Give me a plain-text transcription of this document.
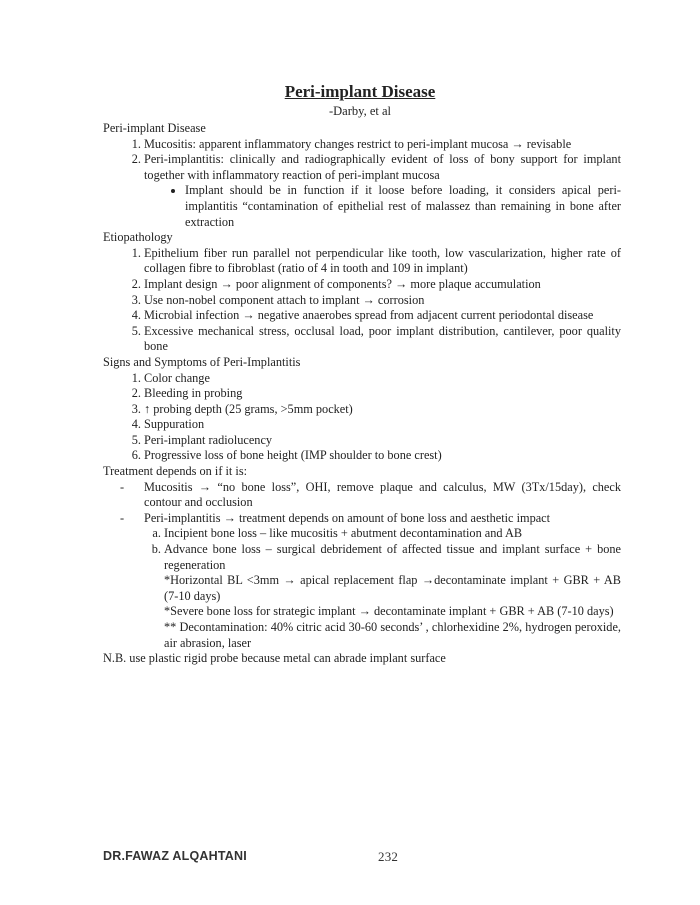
Peri-implant Disease
-Darby, et al

Peri-implant Disease

1. Mucositis: apparent inflammatory changes restrict to peri-implant mucosa → revisable
2. Peri-implantitis: clinically and radiographically evident of loss of bony support for implant together with inflammatory reaction of peri-implant mucosa
• Implant should be in function if it loose before loading, it considers apical peri-implantitis “contamination of epithelial rest of malassez than remaining in bone after extraction

Etiopathology

1. Epithelium fiber run parallel not perpendicular like tooth, low vascularization, higher rate of collagen fibre to fibroblast (ratio of 4 in tooth and 109 in implant)
2. Implant design → poor alignment of components? → more plaque accumulation
3. Use non-nobel component attach to implant → corrosion
4. Microbial infection → negative anaerobes spread from adjacent current periodontal disease
5. Excessive mechanical stress, occlusal load, poor implant distribution, cantilever, poor quality bone

Signs and Symptoms of Peri-Implantitis

1. Color change
2. Bleeding in probing
3. ↑ probing depth (25 grams, >5mm pocket)
4. Suppuration
5. Peri-implant radiolucency
6. Progressive loss of bone height (IMP shoulder to bone crest)

Treatment depends on if it is:

- Mucositis → “no bone loss”, OHI, remove plaque and calculus, MW (3Tx/15day), check contour and occlusion
- Peri-implantitis → treatment depends on amount of bone loss and aesthetic impact
a. Incipient bone loss – like mucositis + abutment decontamination and AB
b. Advance bone loss – surgical debridement of affected tissue and implant surface + bone regeneration

*Horizontal BL <3mm → apical replacement flap →decontaminate implant + GBR + AB (7-10 days)

*Severe bone loss for strategic implant → decontaminate implant + GBR + AB (7-10 days)

** Decontamination: 40% citric acid 30-60 seconds’ , chlorhexidine 2%, hydrogen peroxide, air abrasion, laser

N.B. use plastic rigid probe because metal can abrade implant surface

DR.FAWAZ ALQAHTANI	232
